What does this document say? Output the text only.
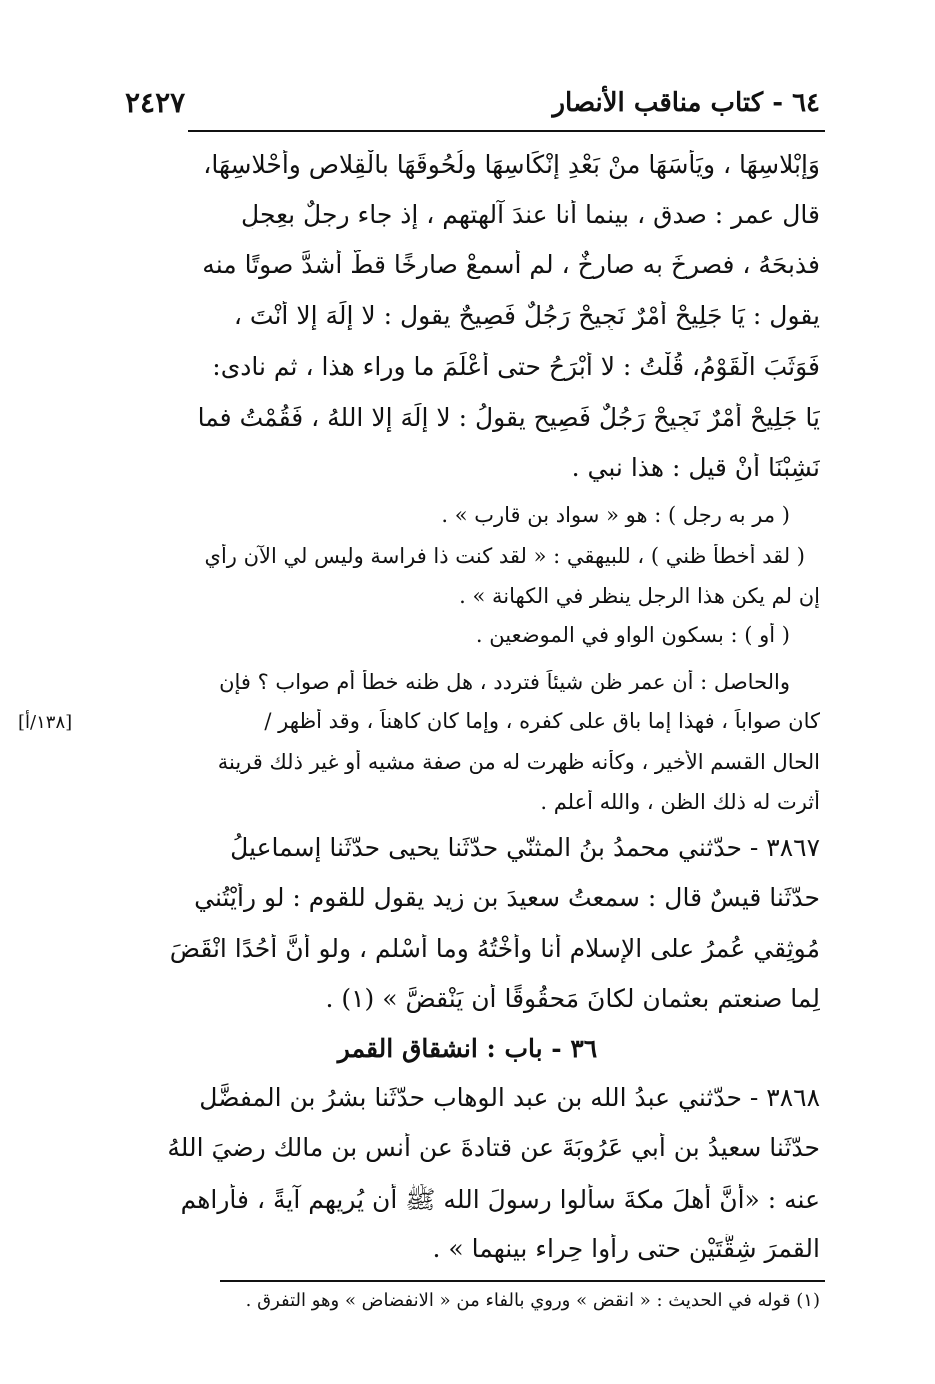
٦٤ - كتاب مناقب الأنصار
٢٤٢٧
وَإِبْلاسِهَا ، ويَأْسَهَا منْ بَعْدِ إنْكَاسِهَا ولُحُوقَهَا بالْقِلاصِ وأَحْلاسِهَا،
قال عمر : صدق ، بينما أنا عندَ آلهتهم ، إذ جاء رجلٌ بعِجلٍ
فذبحَهُ ، فصرخَ به صارخٌ ، لم أسمعْ صارخًا قطُّ أشدَّ صوتًا منه
يقول : يَا جَلِيحْ أمْرٌ نَجِيحْ رَجُلٌ فَصِيحٌ يقول : لا إلَهَ إلا أنْتَ ،
فَوَثَبَ الْقَوْمُ، قُلْتُ : لا أَبْرَحُ حتى أَعْلَمَ ما وراء هذا ، ثم نادى:
يَا جَلِيحْ أَمْرٌ نَجِيحْ رَجُلٌ فَصِيح يقولُ : لا إلَهَ إلا اللهُ ، فَقُمْتُ فما
نَشِبْنَا أَنْ قيل : هذا نبي .
( مر به رجل ) : هو « سواد بن قارب » .
( لقد أخطأ ظني ) ، للبيهقي : « لقد كنت ذا فراسة وليس لي الآن رأي
إن لم يكن هذا الرجل ينظر في الكهانة » .
( أو ) : بسكون الواو في الموضعين .
والحاصل : أن عمر ظن شيئاً فتردد ، هل ظنه خطأ أم صواب ؟ فإن
كان صواباً ، فهذا إما باق على كفره ، وإما كان كاهناً ، وقد أظهر /
[١٣٨/أ]
الحال القسم الأخير ، وكأنه ظهرت له من صفة مشيه أو غير ذلك قرينة
أثرت له ذلك الظن ، والله أعلم .
٣٨٦٧ - حدّثني محمدُ بنُ المثنّي حدّثَنا يحيى حدّثَنا إسماعيلُ
حدّثَنا قيسٌ قال : سمعتُ سعيدَ بن زيد يقول للقوم : لو رأيْتُني
مُوثِقي عُمرُ على الإسلام أنا وأُخْتُهُ وما أَسْلم ، ولو أَنَّ أُحُدًا انْقَضَ
لِما صنعتم بعثمان لكانَ مَحقُوقًا أن يَنْقضَّ » (١) .
٣٦ - باب : انشقاق القمر
٣٨٦٨ - حدّثني عبدُ الله بن عبد الوهاب حدّثَنا بشرُ بن المفضَّل
حدّثَنا سعيدُ بن أبي عَرُوبَةَ عن قتادةَ عن أَنسِ بن مالك رضيَ اللهُ
عنه : «أنَّ أهلَ مكةَ سألوا رسولَ الله ﷺ أن يُريهم آيةً ، فأراهم
القمرَ شِقَّتَيْنِ حتى رأوا حِراء بينهما » .
(١) قوله في الحديث : « انقض » وروي بالفاء من « الانفضاض » وهو التفرق .
